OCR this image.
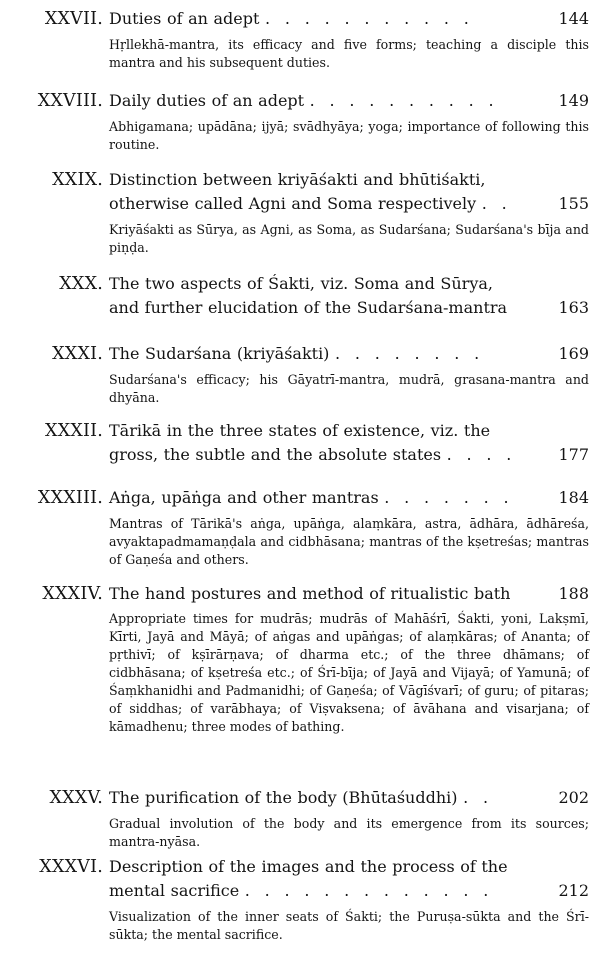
XXVII. Duties of an adept . . . . . . . . . . .	144
Hṛllekhā-mantra, its efficacy and five forms; teaching a disciple this mantra and his subsequent duties.
XXVIII. Daily duties of an adept . . . . . . . . . .	149
Abhigamana; upādāna; ijyā; svādhyāya; yoga; importance of following this routine.
XXIX. Distinction between kriyāśakti and bhūtiśakti,
otherwise called Agni and Soma respectively . .	155
Kriyāśakti as Sūrya, as Agni, as Soma, as Sudarśana; Sudarśana's bīja and piṇḍa.
XXX. The two aspects of Śakti, viz. Soma and Sūrya,
and further elucidation of the Sudarśana-mantra	163
XXXI. The Sudarśana (kriyāśakti) . . . . . . . .	169
Sudarśana's efficacy; his Gāyatrī-mantra, mudrā, grasana-mantra and dhyāna.
XXXII. Tārikā in the three states of existence, viz. the
gross, the subtle and the absolute states . . . .	177
XXXIII. Aṅga, upāṅga and other mantras . . . . . . .	184
Mantras of Tārikā's aṅga, upāṅga, alaṃkāra, astra, ādhāra, ādhāreśa, avyaktapadmamaṇḍala and cidbhāsana; mantras of the kṣetreśas; mantras of Gaṇeśa and others.
XXXIV. The hand postures and method of ritualistic bath	188
Appropriate times for mudrās; mudrās of Mahāśrī, Śakti, yoni, Lakṣmī, Kīrti, Jayā and Māyā; of aṅgas and upāṅgas; of alaṃkāras; of Ananta; of pṛthivī; of kṣīrārṇava; of dharma etc.; of the three dhāmans; of cidbhāsana; of kṣetreśa etc.; of Śrī-bīja; of Jayā and Vijayā; of Yamunā; of Śaṃkhanidhi and Padmanidhi; of Gaṇeśa; of Vāgīśvarī; of guru; of pitaras; of siddhas; of varābhaya; of Viṣvaksena; of āvāhana and visarjana; of kāmadhenu; three modes of bathing.
XXXV. The purification of the body (Bhūtaśuddhi) . .	202
Gradual involution of the body and its emergence from its sources; mantra-nyāsa.
XXXVI. Description of the images and the process of the
mental sacrifice . . . . . . . . . . . . .	212
Visualization of the inner seats of Śakti; the Puruṣa-sūkta and the Śrī-sūkta; the mental sacrifice.
